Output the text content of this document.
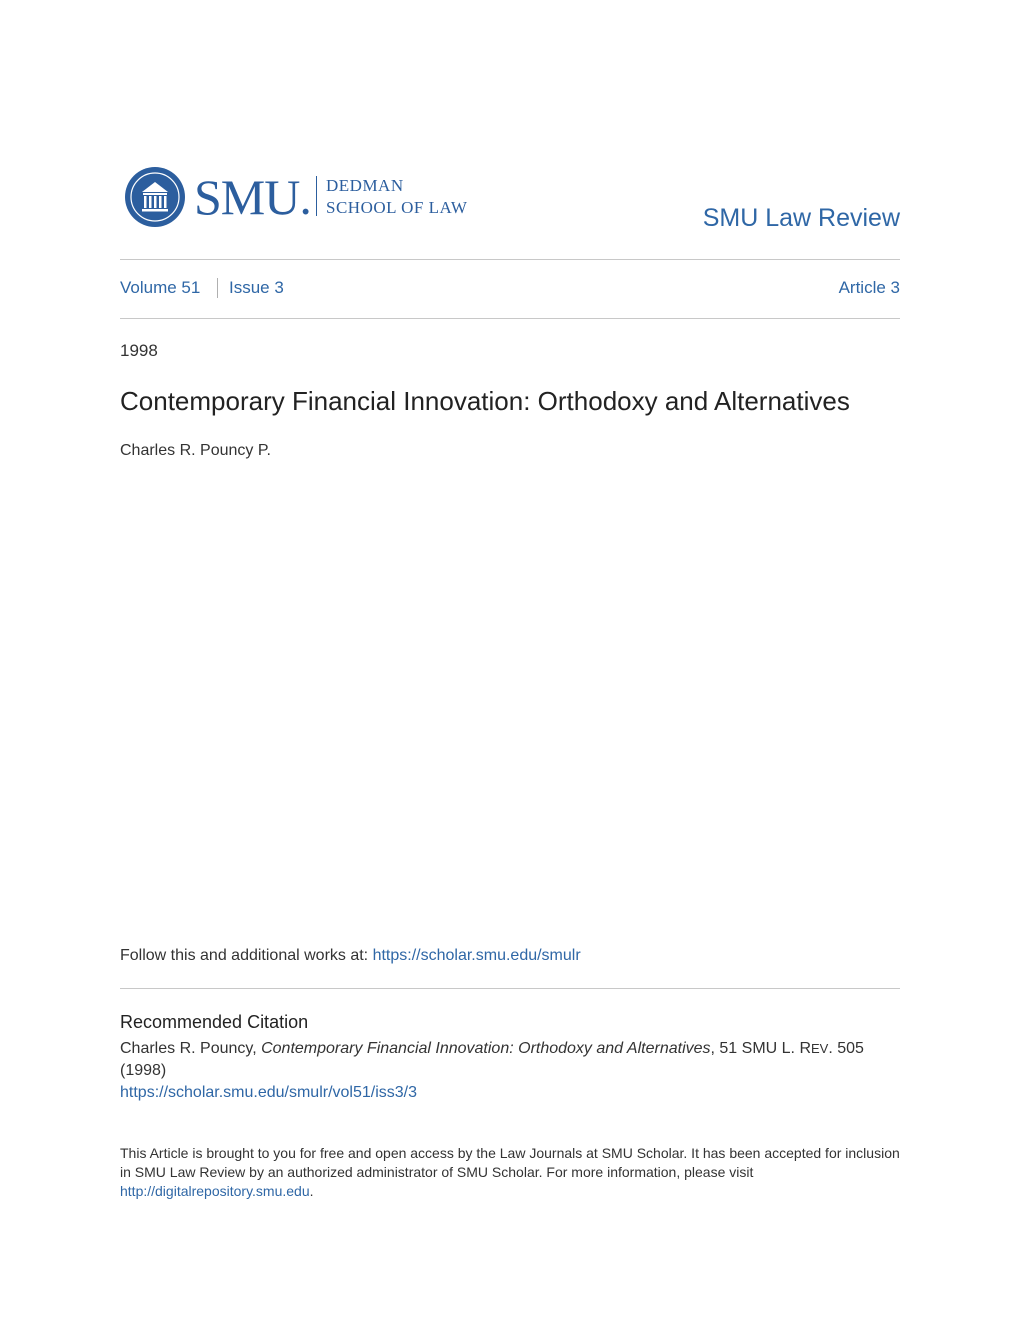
SMU. DEDMAN
SCHOOL OF LAW	SMU Law Review
Volume 51 Issue 3	Article 3
1998
Contemporary Financial Innovation: Orthodoxy and Alternatives
Charles R. Pouncy P.
Follow this and additional works at: https://scholar.smu.edu/smulr
Recommended Citation
Charles R. Pouncy, Contemporary Financial Innovation: Orthodoxy and Alternatives, 51 SMU L. REV. 505 (1998)
https://scholar.smu.edu/smulr/vol51/iss3/3
This Article is brought to you for free and open access by the Law Journals at SMU Scholar. It has been accepted for inclusion in SMU Law Review by an authorized administrator of SMU Scholar. For more information, please visit http://digitalrepository.smu.edu.
